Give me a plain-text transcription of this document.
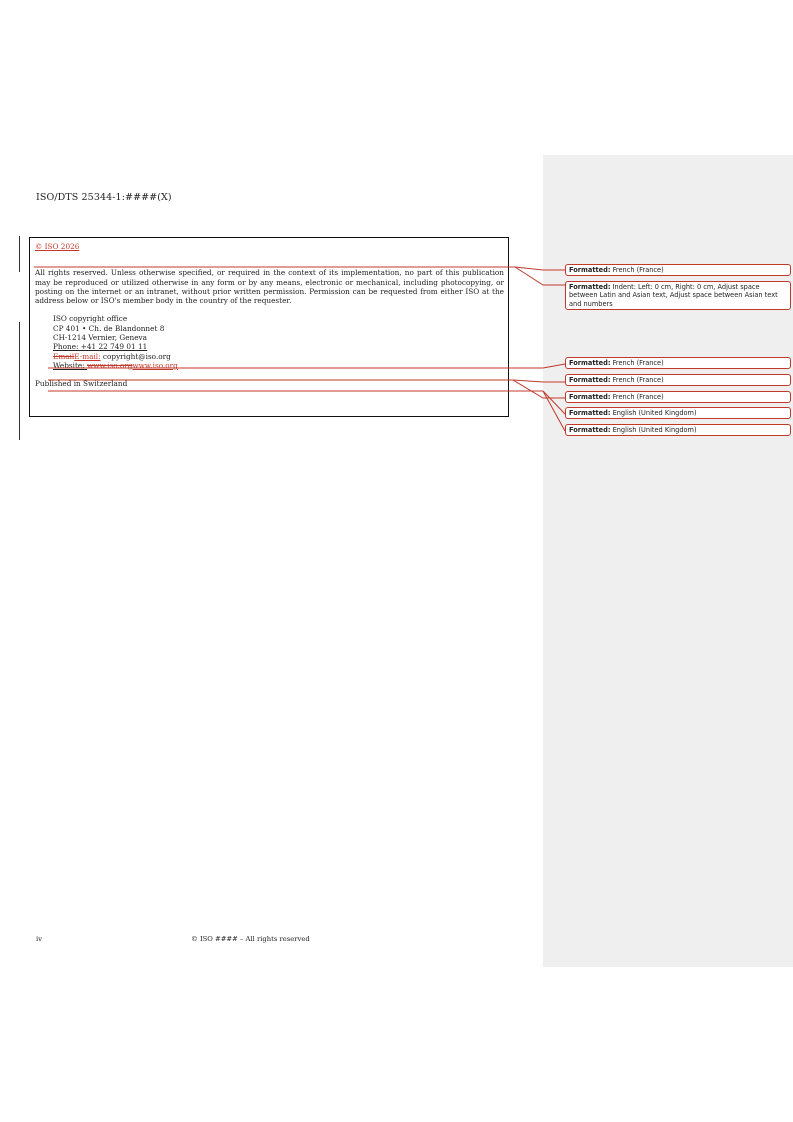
ISO/DTS 25344-1:####(X)
© ISO 2026
All rights reserved. Unless otherwise specified, or required in the context of its implementation, no part of this publication may be reproduced or utilized otherwise in any form or by any means, electronic or mechanical, including photocopying, or posting on the internet or an intranet, without prior written permission. Permission can be requested from either ISO at the address below or ISO's member body in the country of the requester.
ISO copyright office
CP 401 • Ch. de Blandonnet 8
CH-1214 Vernier, Geneva
Phone: +41 22 749 01 11
EmailE-mail: copyright@iso.org
Website: www.iso.orgwww.iso.org
Published in Switzerland
Formatted: French (France)
Formatted: Indent: Left: 0 cm, Right: 0 cm, Adjust space between Latin and Asian text, Adjust space between Asian text and numbers
Formatted: French (France)
Formatted: French (France)
Formatted: French (France)
Formatted: English (United Kingdom)
Formatted: English (United Kingdom)
iv	© ISO #### – All rights reserved
